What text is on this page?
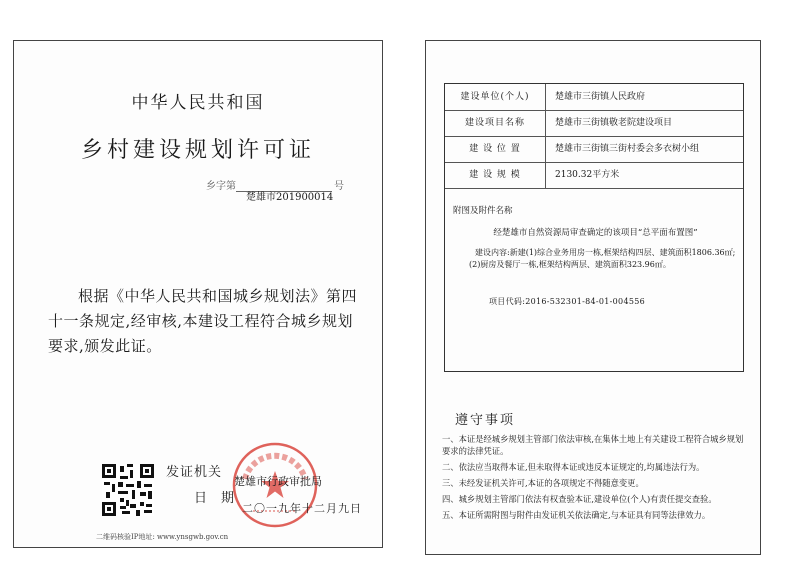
中华人民共和国
乡村建设规划许可证
乡字第	号
楚雄市201900014
根据《中华人民共和国城乡规划法》第四十一条规定,经审核,本建设工程符合城乡规划要求,颁发此证。
发证机关
楚雄市行政审批局
日期
二〇一九年十二月九日
二维码核验IP地址: www.ynsgwb.gov.cn
建设单位(个人)	楚雄市三街镇人民政府
建设项目名称	楚雄市三街镇敬老院建设项目
建 设 位 置	楚雄市三街镇三街村委会多衣树小组
建 设 规 模	2130.32平方米
附图及附件名称
经楚雄市自然资源局审查确定的该项目“总平面布置图”
建设内容:新建(1)综合业务用房一栋,框架结构四层、建筑面积1806.36㎡;(2)厨房及餐厅一栋,框架结构两层、建筑面积323.96㎡。
项目代码:2016-532301-84-01-004556
遵守事项
一、本证是经城乡规划主管部门依法审核,在集体土地上有关建设工程符合城乡规划要求的法律凭证。
二、依法应当取得本证,但未取得本证或违反本证规定的,均属违法行为。
三、未经发证机关许可,本证的各项规定不得随意变更。
四、城乡规划主管部门依法有权查验本证,建设单位(个人)有责任提交查验。
五、本证所需附图与附件由发证机关依法确定,与本证具有同等法律效力。
